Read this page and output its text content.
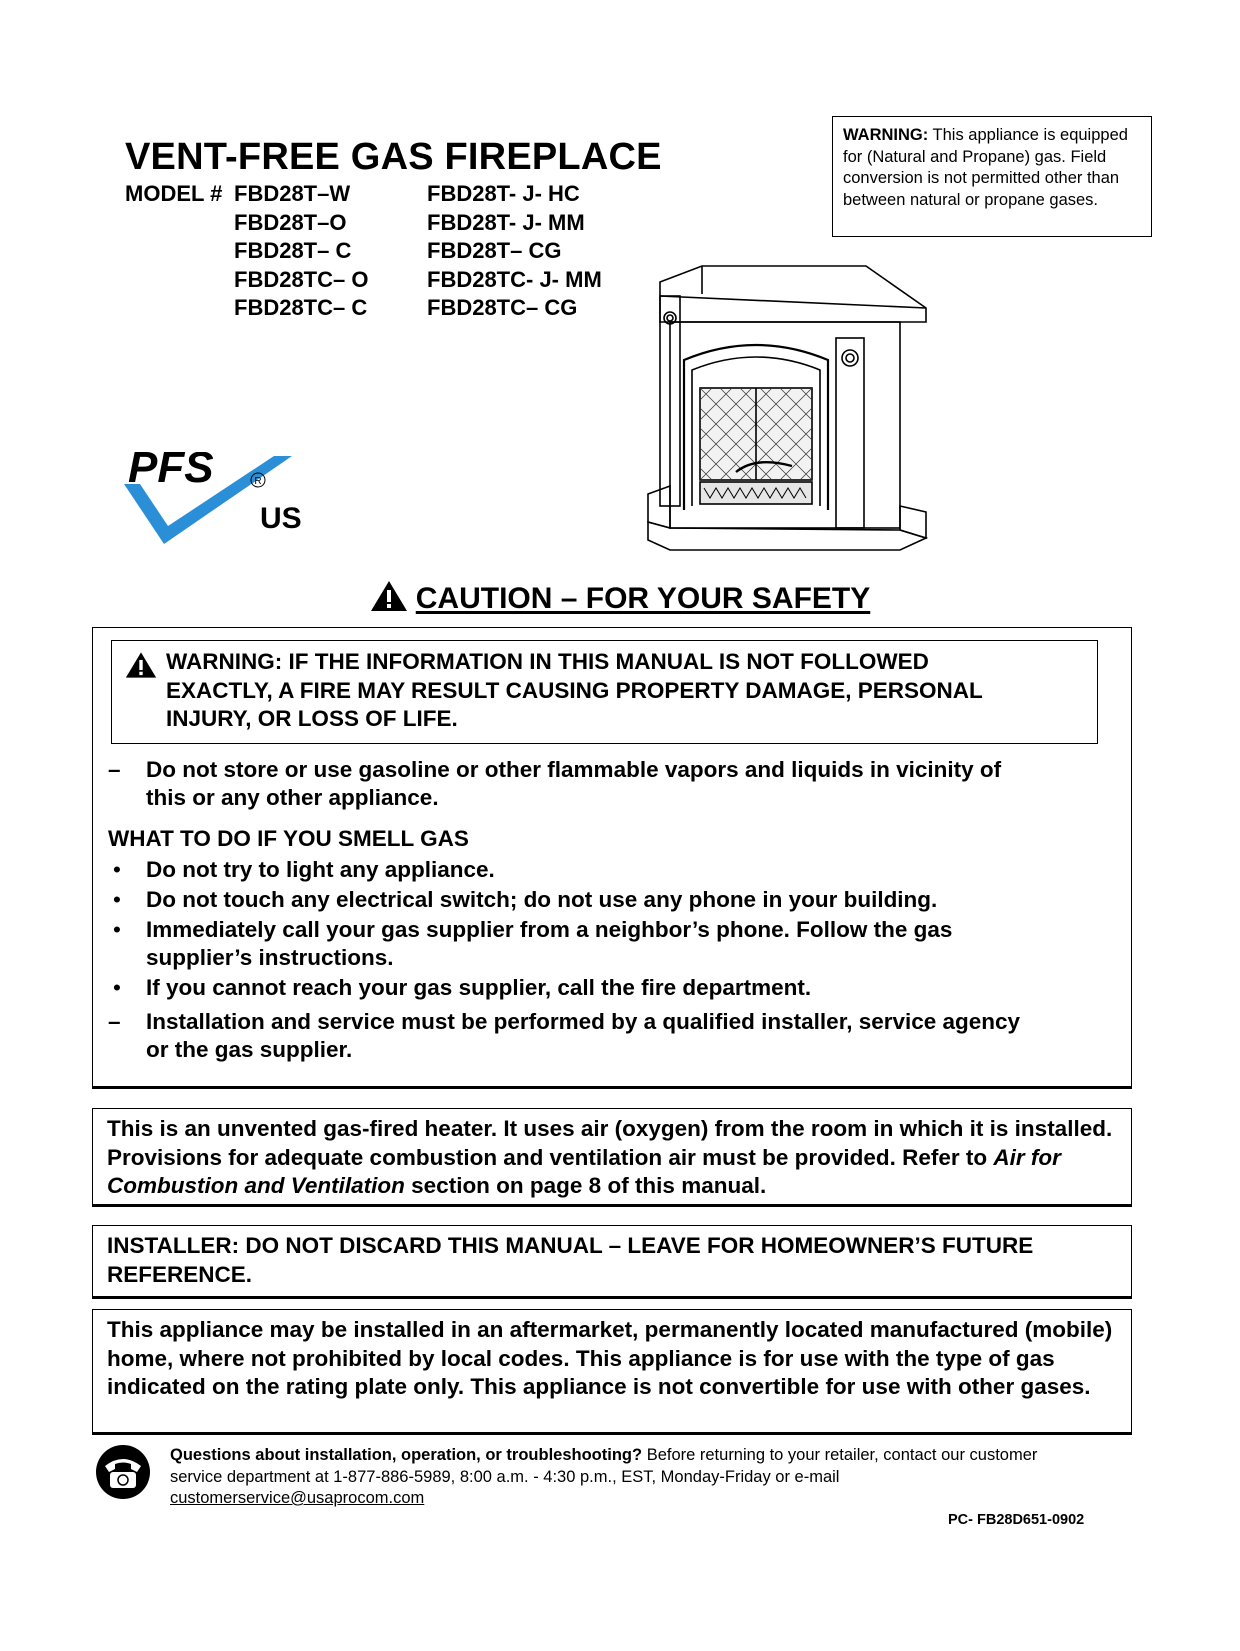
VENT-FREE GAS FIREPLACE
MODEL # FBD28T–W	FBD28T- J- HC
FBD28T–O	FBD28T- J- MM
FBD28T– C	FBD28T– CG
FBD28TC– O	FBD28TC- J- MM
FBD28TC– C	FBD28TC– CG
WARNING: This appliance is equipped for (Natural and Propane) gas. Field conversion is not permitted other than between natural or propane gases.
PFS	R
US
CAUTION – FOR YOUR SAFETY
WARNING: IF THE INFORMATION IN THIS MANUAL IS NOT FOLLOWED
EXACTLY, A FIRE MAY RESULT CAUSING PROPERTY DAMAGE, PERSONAL
INJURY, OR LOSS OF LIFE.
– Do not store or use gasoline or other flammable vapors and liquids in vicinity of
this or any other appliance.
WHAT TO DO IF YOU SMELL GAS
• Do not try to light any appliance.
• Do not touch any electrical switch; do not use any phone in your building.
• Immediately call your gas supplier from a neighbor’s phone. Follow the gas supplier’s instructions.
• If you cannot reach your gas supplier, call the fire department.
– Installation and service must be performed by a qualified installer, service agency
or the gas supplier.
This is an unvented gas-fired heater. It uses air (oxygen) from the room in which it is installed. Provisions for adequate combustion and ventilation air must be provided. Refer to Air for Combustion and Ventilation section on page 8 of this manual.
INSTALLER: DO NOT DISCARD THIS MANUAL – LEAVE FOR HOMEOWNER’S FUTURE REFERENCE.
This appliance may be installed in an aftermarket, permanently located manufactured (mobile) home, where not prohibited by local codes. This appliance is for use with the type of gas indicated on the rating plate only. This appliance is not convertible for use with other gases.
Questions about installation, operation, or troubleshooting? Before returning to your retailer, contact our customer service department at 1-877-886-5989, 8:00 a.m. - 4:30 p.m., EST, Monday-Friday or e-mail
customerservice@usaprocom.com
PC- FB28D651-0902
